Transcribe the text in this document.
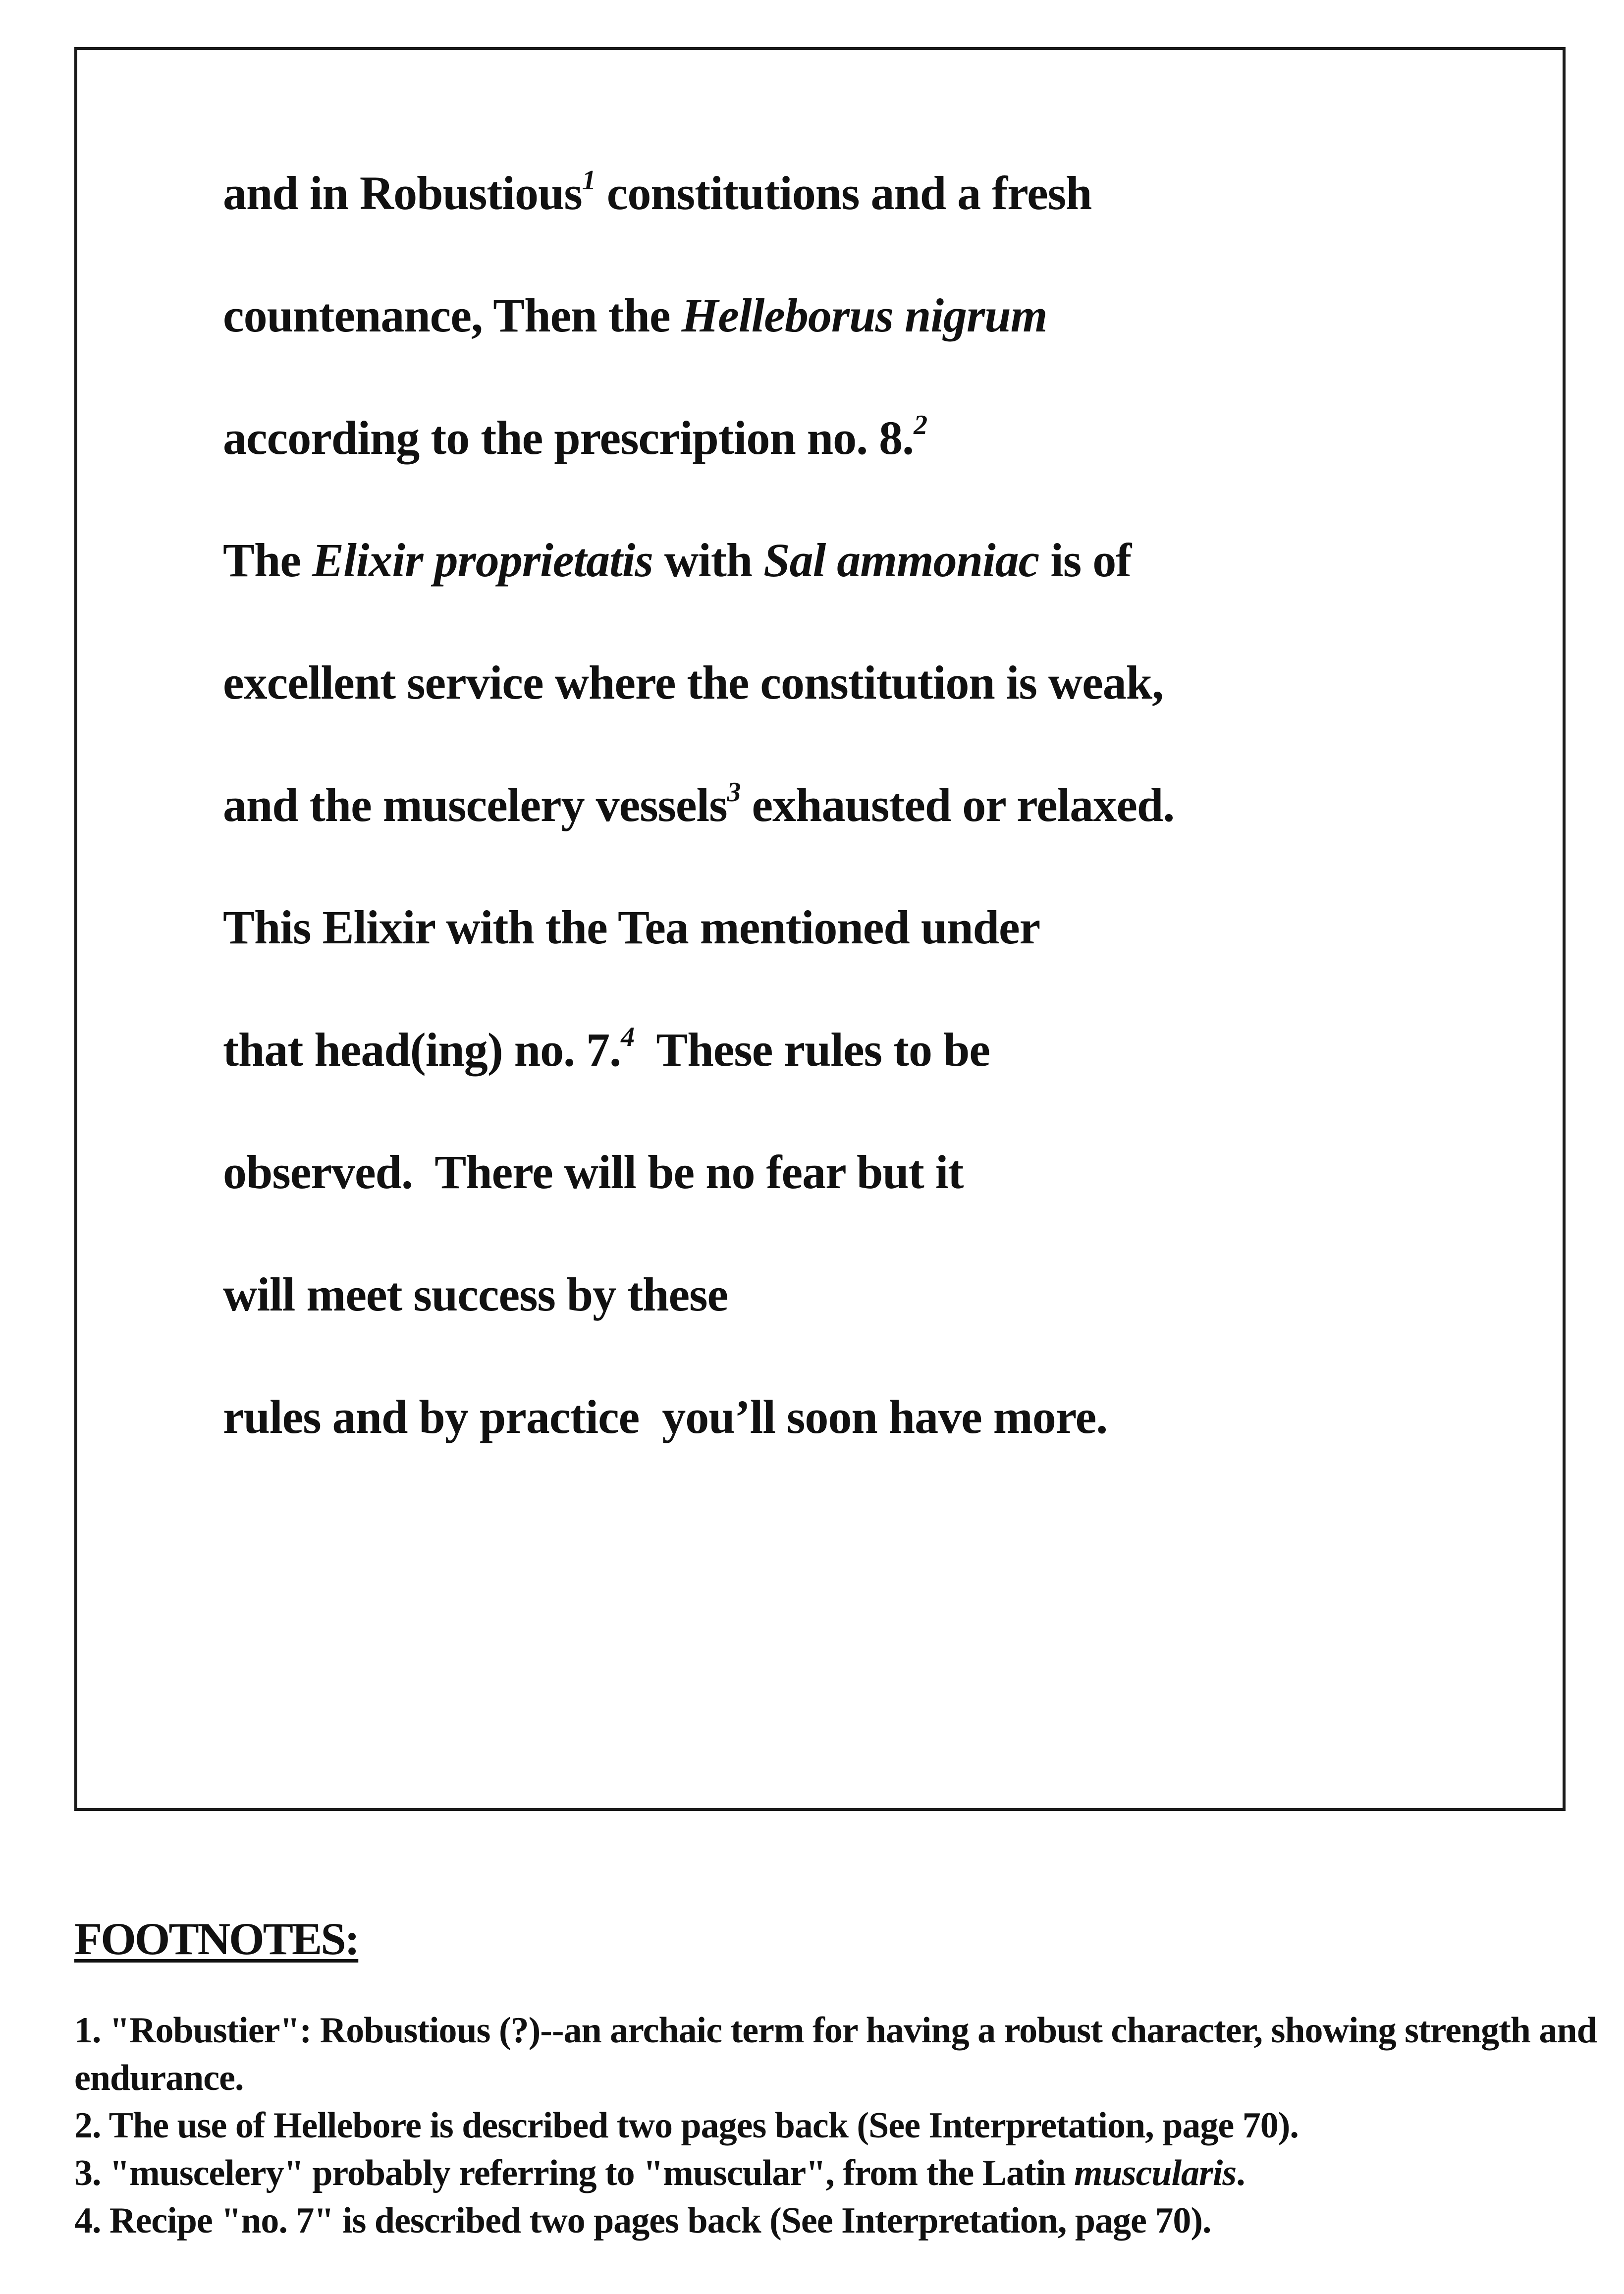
and in Robustious$^1$ constitutions and a fresh
countenance, Then the Helleborus nigrum
according to the prescription no. 8.$^2$
The Elixir proprietatis with Sal ammoniac is of
excellent service where the constitution is weak,
and the muscelery vessels$^3$ exhausted or relaxed.
This Elixir with the Tea mentioned under
that head(ing) no. 7.$^4$  These rules to be
observed.  There will be no fear but it
will meet success by these
rules and by practice  you’ll soon have more.
FOOTNOTES:
1. "Robustier": Robustious (?)--an archaic term for having a robust character, showing strength and endurance.
2. The use of Hellebore is described two pages back (See Interpretation, page 70).
3. "muscelery" probably referring to "muscular", from the Latin muscularis.
4. Recipe "no. 7" is described two pages back (See Interpretation, page 70).
